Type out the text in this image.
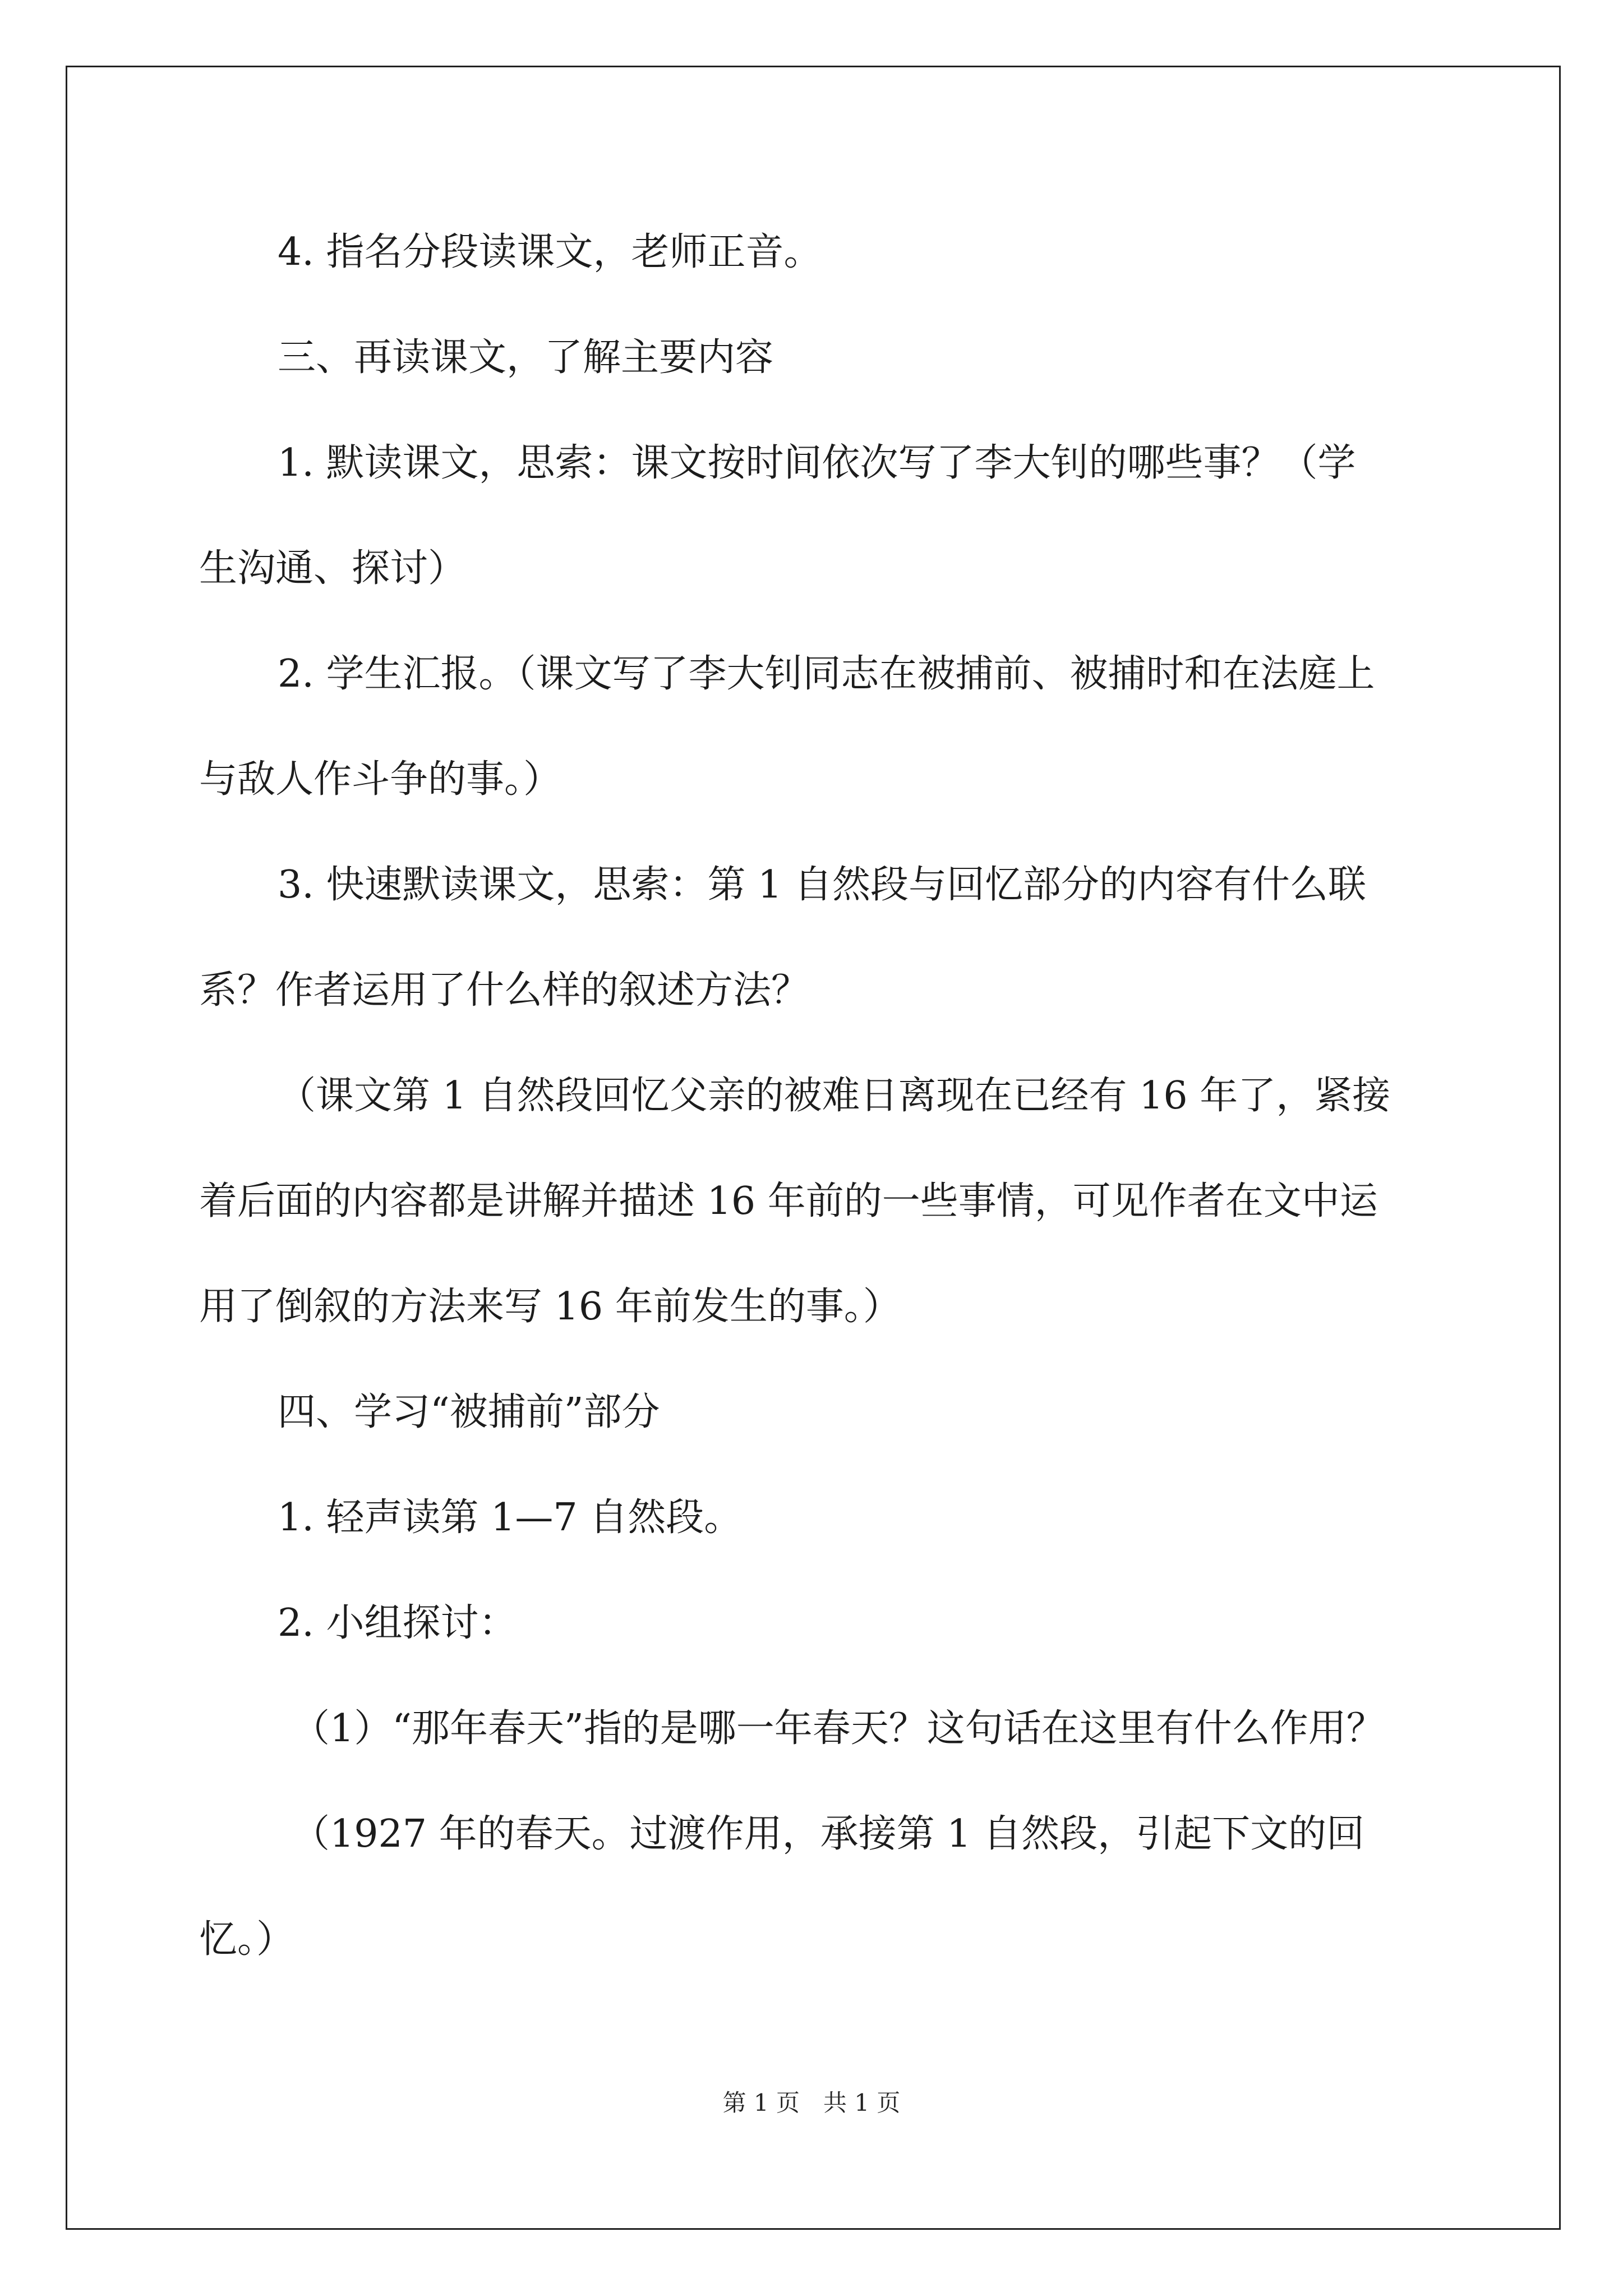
4. 指名分段读课文，老师正音。

三、再读课文，了解主要内容

1. 默读课文，思索：课文按时间依次写了李大钊的哪些事？（学

生沟通、探讨）

2. 学生汇报。（课文写了李大钊同志在被捕前、被捕时和在法庭上

与敌人作斗争的事。）

3. 快速默读课文，思索：第 1 自然段与回忆部分的内容有什么联

系？作者运用了什么样的叙述方法？

（课文第 1 自然段回忆父亲的被难日离现在已经有 16 年了，紧接

着后面的内容都是讲解并描述 16 年前的一些事情，可见作者在文中运

用了倒叙的方法来写 16 年前发生的事。）

四、学习“被捕前”部分

1. 轻声读第 1—7 自然段。

2. 小组探讨：

（1）“那年春天”指的是哪一年春天？这句话在这里有什么作用？

（1927 年的春天。过渡作用，承接第 1 自然段，引起下文的回

忆。）

第 1 页　共 1 页
